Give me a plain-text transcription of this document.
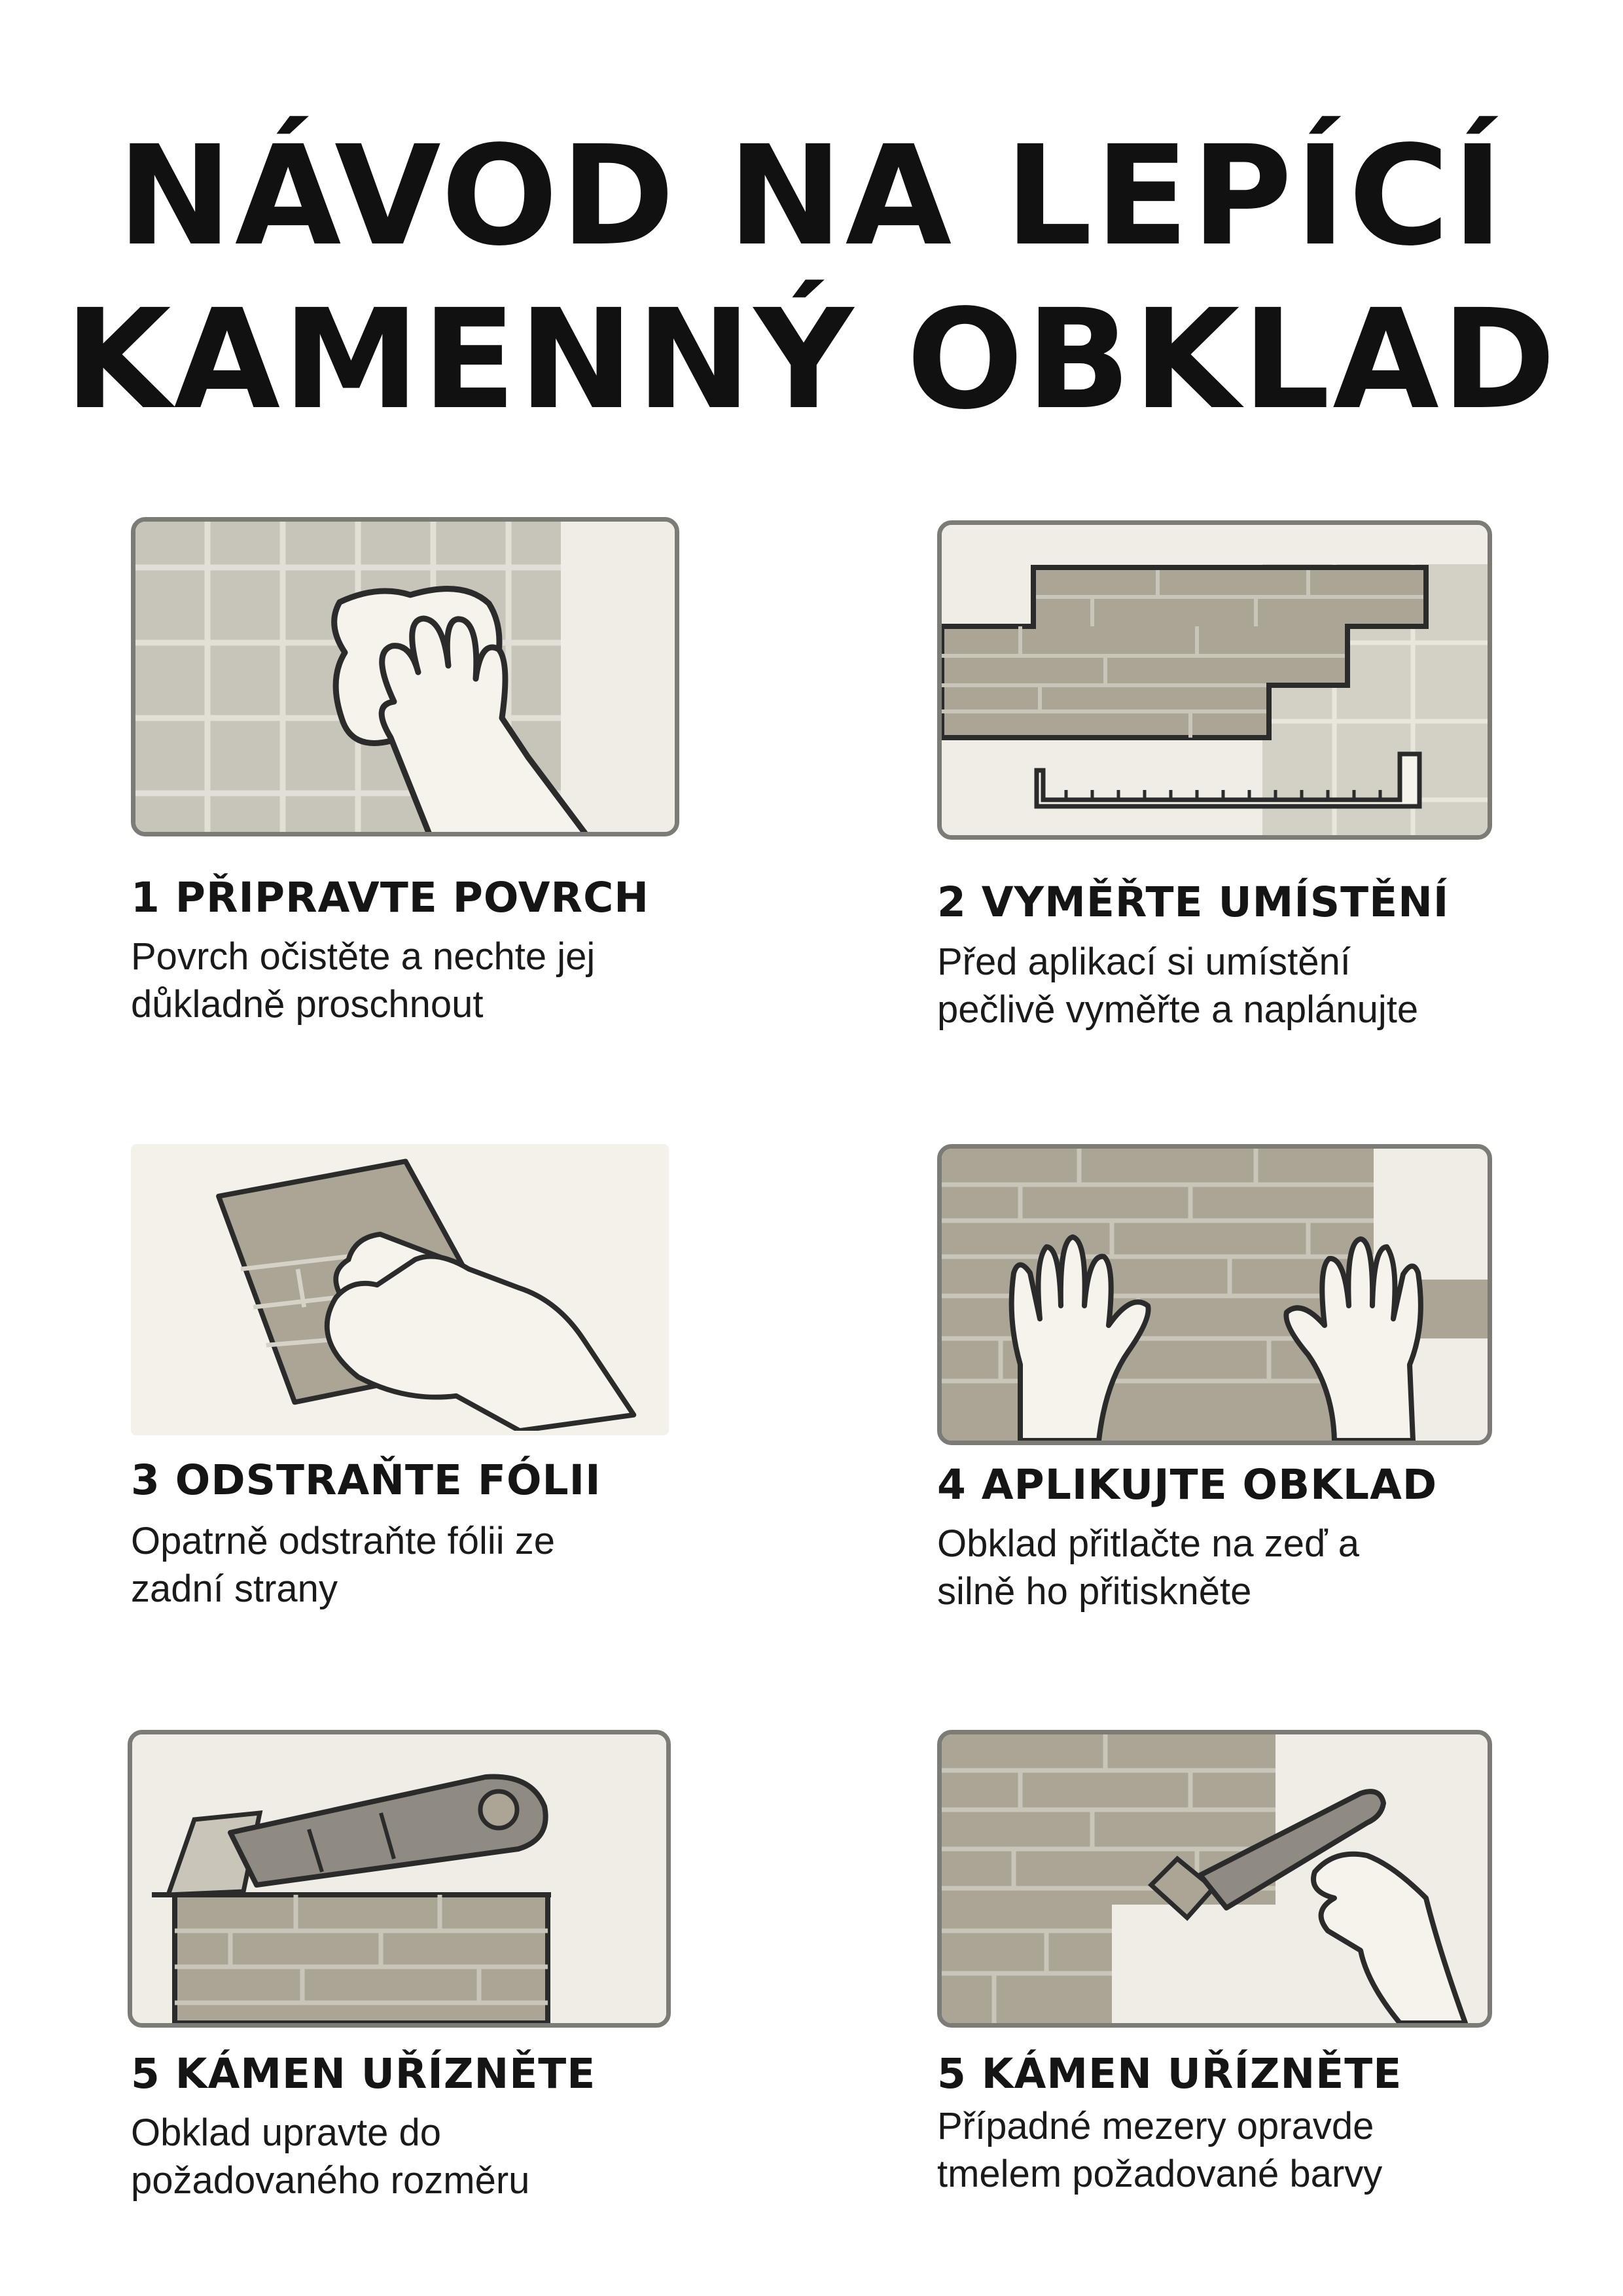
NÁVOD NA LEPÍCÍ
KAMENNÝ OBKLAD
1 PŘIPRAVTE POVRCH
Povrch očistěte a nechte jej
důkladně proschnout
2 VYMĚŘTE UMÍSTĚNÍ
Před aplikací si umístění
pečlivě vyměřte a naplánujte
3 ODSTRAŇTE FÓLII
Opatrně odstraňte fólii ze
zadní strany
4 APLIKUJTE OBKLAD
Obklad přitlačte na zeď a
silně ho přitiskněte
5 KÁMEN UŘÍZNĚTE
Obklad upravte do
požadovaného rozměru
5 KÁMEN UŘÍZNĚTE
Případné mezery opravde
tmelem požadované barvy
